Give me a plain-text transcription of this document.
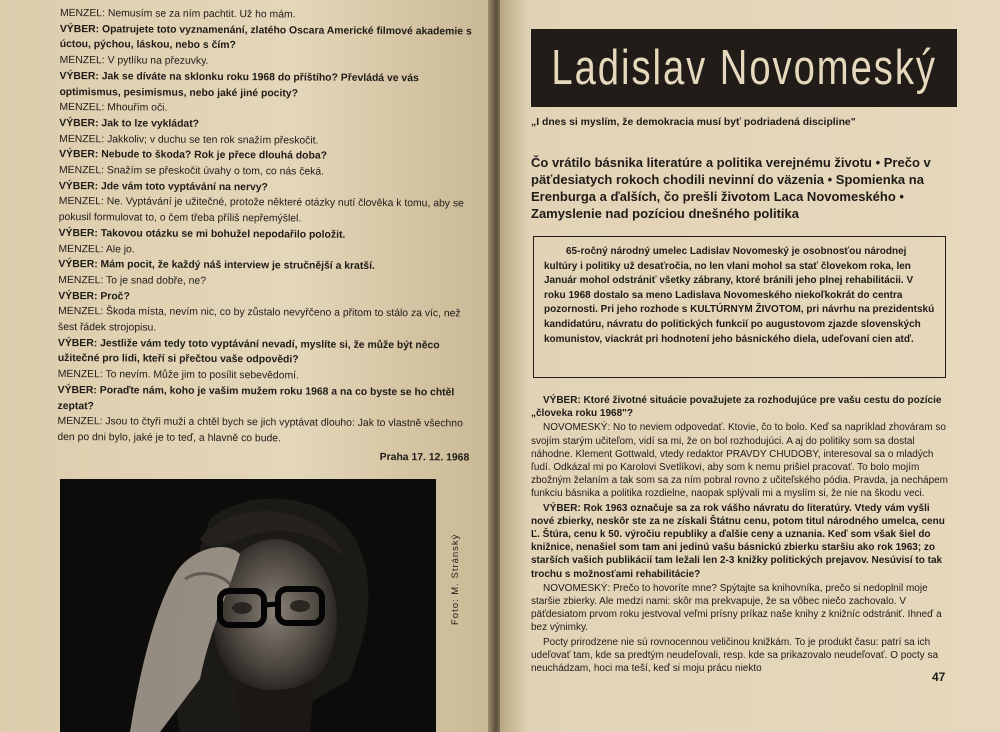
MENZEL: Nemusím se za ním pachtit. Už ho mám.

VÝBER: Opatrujete toto vyznamenání, zlatého Oscara Americké filmové akademie s úctou, pýchou, láskou, nebo s čím?

MENZEL: V pytlíku na přezuvky.

VÝBER: Jak se díváte na sklonku roku 1968 do příštího? Převládá ve vás optimismus, pesimismus, nebo jaké jiné pocity?

MENZEL: Mhouřím oči.

VÝBER: Jak to lze vykládat?

MENZEL: Jakkoliv; v duchu se ten rok snažím přeskočit.

VÝBER: Nebude to škoda? Rok je přece dlouhá doba?

MENZEL: Snažím se přeskočit úvahy o tom, co nás čeká.

VÝBER: Jde vám toto vyptávání na nervy?

MENZEL: Ne. Vyptávání je užitečné, protože některé otázky nutí člověka k tomu, aby se pokusil formulovat to, o čem třeba příliš nepřemýšlel.

VÝBER: Takovou otázku se mi bohužel nepodařilo položit.

MENZEL: Ale jo.

VÝBER: Mám pocit, že každý náš interview je stručnější a kratší.

MENZEL: To je snad dobře, ne?

VÝBER: Proč?

MENZEL: Škoda místa, nevím nic, co by zůstalo nevyřčeno a přitom to stálo za víc, než šest řádek strojopisu.

VÝBER: Jestliže vám tedy toto vyptávání nevadí, myslíte si, že může být něco užitečné pro lidi, kteří si přečtou vaše odpovědi?

MENZEL: To nevím. Může jim to posílit sebevědomí.

VÝBER: Poraďte nám, koho je vašim mužem roku 1968 a na co byste se ho chtěl zeptat?

MENZEL: Jsou to čtyři muži a chtěl bych se jich vyptávat dlouho: Jak to vlastně všechno den po dni bylo, jaké je to teď, a hlavně co bude.

Praha 17. 12. 1968

Foto: M. Stránský
Ladislav Novomeský

„I dnes si myslím, že demokracia musí byť podriadená discipline"

Čo vrátilo básnika literatúre a politika verejnému životu • Prečo v päťdesiatych rokoch chodili nevinní do väzenia • Spomienka na Erenburga a ďalších, čo prešli životom Laca Novomeského • Zamyslenie nad pozíciou dnešného politika

65-ročný národný umelec Ladislav Novomeský je osobnosťou národnej kultúry i politiky už desaťročia, no len vlani mohol sa stať človekom roka, len Január mohol odstrániť všetky zábrany, ktoré bránili jeho plnej rehabilitácii. V roku 1968 dostalo sa meno Ladislava Novomeského niekoľkokrát do centra pozornosti. Pri jeho rozhode s KULTÚRNYM ŽIVOTOM, pri návrhu na prezidentskú kandidatúru, návratu do politických funkcií po augustovom zjazde slovenských komunistov, viackrát pri hodnotení jeho básnického diela, udeľovaní cien atď.

VÝBER: Ktoré životné situácie považujete za rozhodujúce pre vašu cestu do pozície „človeka roku 1968"?

NOVOMESKÝ: No to neviem odpovedať. Ktovie, čo to bolo. Keď sa napríklad zhováram so svojím starým učiteľom, vidí sa mi, že on bol rozhodujúci. A aj do politiky som sa dostal náhodne. Klement Gottwald, vtedy redaktor PRAVDY CHUDOBY, interesoval sa o mladých ľudí. Odkázal mi po Karolovi Svetlíkovi, aby som k nemu prišiel pracovať. To bolo mojím zbožným želaním a tak som sa za ním pobral rovno z učiteľského pódia. Pravda, ja nechápem funkciu básnika a politika rozdielne, naopak splývali mi a myslím si, že nie na škodu veci.

VÝBER: Rok 1963 označuje sa za rok vášho návratu do literatúry. Vtedy vám vyšli nové zbierky, neskôr ste za ne získali Štátnu cenu, potom titul národného umelca, cenu Ľ. Štúra, cenu k 50. výročiu republiky a ďalšie ceny a uznania. Keď som však šiel do knižnice, nenašiel som tam ani jedinú vašu básnickú zbierku staršiu ako rok 1963; zo starších vašich publikácií tam ležali len 2-3 knižky politických prejavov. Nesúvisí to tak trochu s možnosťami rehabilitácie?

NOVOMESKÝ: Prečo to hovoríte mne? Spýtajte sa knihovníka, prečo si nedoplnil moje staršie zbierky. Ale medzi nami: skôr ma prekvapuje, že sa vôbec niečo zachovalo. V päťdesiatom prvom roku jestvoval veľmi prísny príkaz naše knihy z knižníc odstrániť. Ihneď a bez výnimky.

Pocty prirodzene nie sú rovnocennou veličinou knižkám. To je produkt času: patrí sa ich udeľovať tam, kde sa predtým neudeľovali, resp. kde sa prikazovalo neudeľovať. O pocty sa neuchádzam, hoci ma teší, keď si moju prácu niekto

47
